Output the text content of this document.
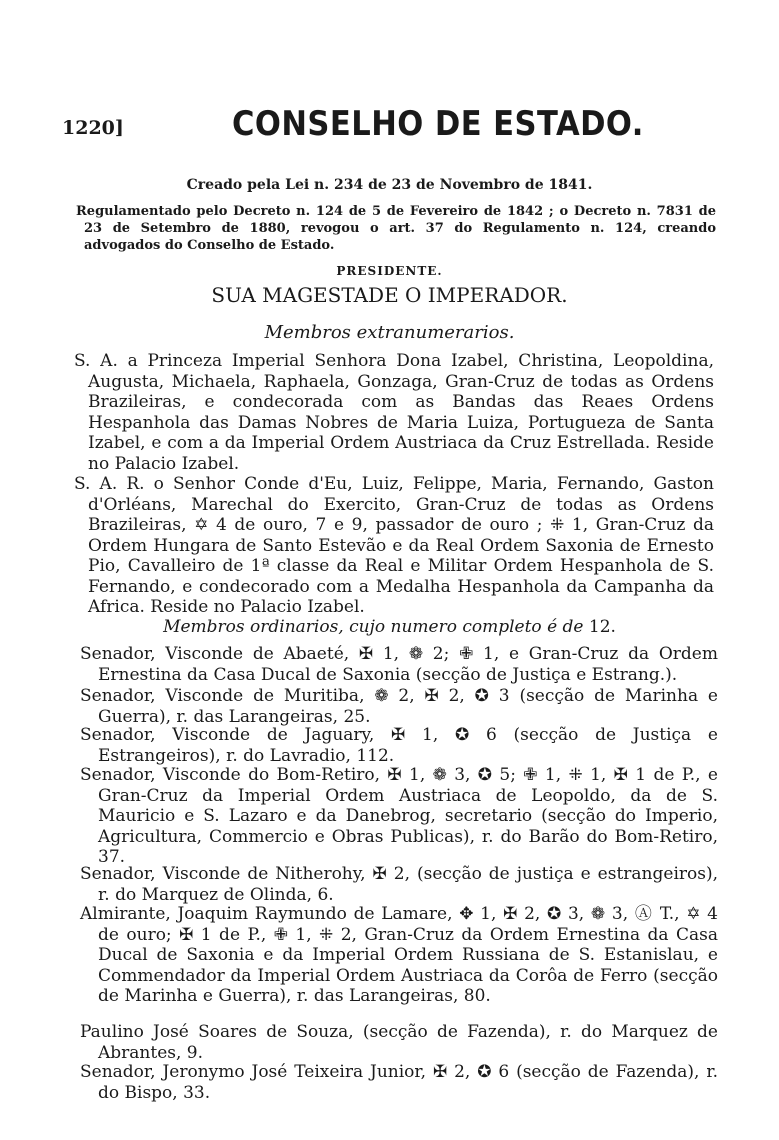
1220]	CONSELHO DE ESTADO.
Creado pela Lei n. 234 de 23 de Novembro de 1841.
Regulamentado pelo Decreto n. 124 de 5 de Fevereiro de 1842 ; o Decreto n. 7831 de 23 de Setembro de 1880, revogou o art. 37 do Regulamento n. 124, creando advogados do Conselho de Estado.
PRESIDENTE.
SUA MAGESTADE O IMPERADOR.
Membros extranumerarios.
S. A. a Princeza Imperial Senhora Dona Izabel, Christina, Leopoldina, Augusta, Michaela, Raphaela, Gonzaga, Gran-Cruz de todas as Ordens Brazileiras, e condecorada com as Bandas das Reaes Ordens Hespanhola das Damas Nobres de Maria Luiza, Portugueza de Santa Izabel, e com a da Imperial Ordem Austriaca da Cruz Estrellada. Reside no Palacio Izabel.
S. A. R. o Senhor Conde d'Eu, Luiz, Felippe, Maria, Fernando, Gaston d'Orléans, Marechal do Exercito, Gran-Cruz de todas as Ordens Brazileiras, ✡ 4 de ouro, 7 e 9, passador de ouro ; ⁜ 1, Gran-Cruz da Ordem Hungara de Santo Estevão e da Real Ordem Saxonia de Ernesto Pio, Cavalleiro de 1ª classe da Real e Militar Ordem Hespanhola de S. Fernando, e condecorado com a Medalha Hespanhola da Campanha da Africa. Reside no Palacio Izabel.
Membros ordinarios, cujo numero completo é de 12.
Senador, Visconde de Abaeté, ✠ 1, ❁ 2; ✙ 1, e Gran-Cruz da Ordem Ernestina da Casa Ducal de Saxonia (secção de Justiça e Estrang.).
Senador, Visconde de Muritiba, ❁ 2, ✠ 2, ✪ 3 (secção de Marinha e Guerra), r. das Larangeiras, 25.
Senador, Visconde de Jaguary, ✠ 1, ✪ 6 (secção de Justiça e Estrangeiros), r. do Lavradio, 112.
Senador, Visconde do Bom-Retiro, ✠ 1, ❁ 3, ✪ 5; ✙ 1, ⁜ 1, ✠ 1 de P., e Gran-Cruz da Imperial Ordem Austriaca de Leopoldo, da de S. Mauricio e S. Lazaro e da Danebrog, secretario (secção do Imperio, Agricultura, Commercio e Obras Publicas), r. do Barão do Bom-Retiro, 37.
Senador, Visconde de Nitherohy, ✠ 2, (secção de justiça e estrangeiros), r. do Marquez de Olinda, 6.
Almirante, Joaquim Raymundo de Lamare, ✥ 1, ✠ 2, ✪ 3, ❁ 3, Ⓐ T., ✡ 4 de ouro; ✠ 1 de P., ✙ 1, ⁜ 2, Gran-Cruz da Ordem Ernestina da Casa Ducal de Saxonia e da Imperial Ordem Russiana de S. Estanislau, e Commendador da Imperial Ordem Austriaca da Corôa de Ferro (secção de Marinha e Guerra), r. das Larangeiras, 80.
Paulino José Soares de Souza, (secção de Fazenda), r. do Marquez de Abrantes, 9.
Senador, Jeronymo José Teixeira Junior, ✠ 2, ✪ 6 (secção de Fazenda), r. do Bispo, 33.
